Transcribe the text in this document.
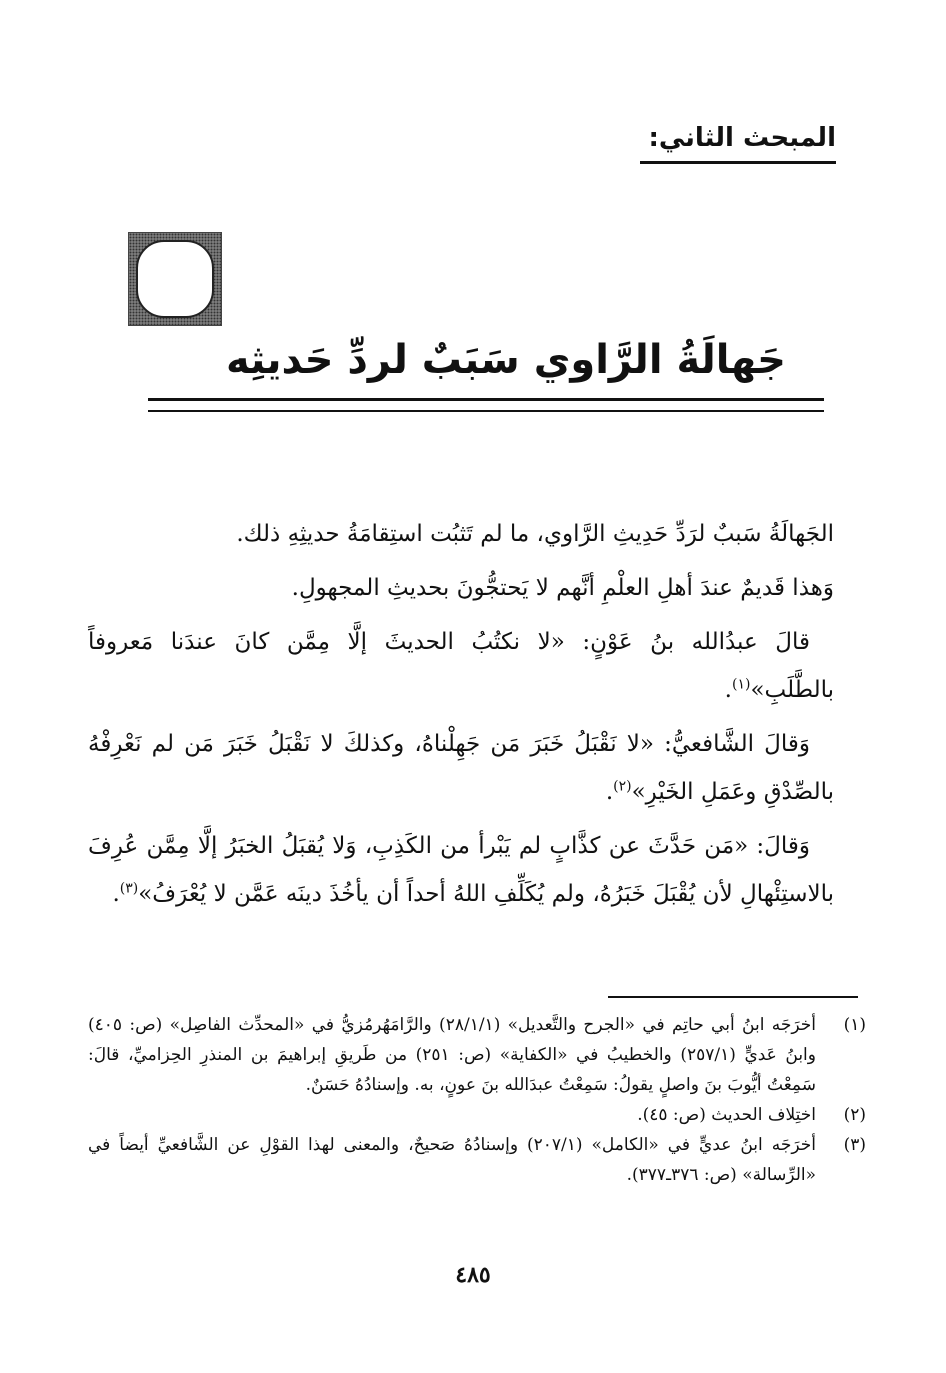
المبحث الثاني:
جَهالَةُ الرَّاوي سَبَبٌ لردِّ حَديثِه

الجَهالَةُ سَببٌ لرَدِّ حَدِيثِ الرَّاوي، ما لم تَثبُت استِقامَةُ حديثِهِ ذلك.

وَهذا قَديمٌ عندَ أهلِ العلْمِ أنَّهم لا يَحتجُّونَ بحديثِ المجهولِ.

قالَ عبدُالله بنُ عَوْنٍ: «لا نكتُبُ الحديثَ إلَّا مِمَّن كانَ عندَنا مَعروفاً بالطَّلَبِ»$^{(١)}$.

وَقالَ الشَّافعيُّ: «لا نَقْبَلُ خَبَرَ مَن جَهِلْناهُ، وكذلكَ لا نَقْبَلُ خَبَرَ مَن لم نَعْرِفْهُ بالصِّدْقِ وعَمَلِ الخَيْرِ»$^{(٢)}$.

وَقالَ: «مَن حَدَّثَ عن كذَّابٍ لم يَبْرأ من الكَذِبِ، وَلا يُقبَلُ الخبَرُ إلَّا مِمَّن عُرِفَ بالاستِئْهالِ لأن يُقْبَلَ خَبَرُهُ، ولم يُكَلِّفِ اللهُ أحداً أن يأخُذَ دينَه عَمَّن لا يُعْرَفُ»$^{(٣)}$.

(١)
أخرَجَه ابنُ أبي حاتِم في «الجرح والتَّعديل» (٢٨/١/١) والرَّامَهُرمُزيُّ في «المحدِّث الفاصِل» (ص: ٤٠٥) وابنُ عَديٍّ (٢٥٧/١) والخطيبُ في «الكفاية» (ص: ٢٥١) من طَريقِ إبراهيمَ بن المنذرِ الحِزاميِّ، قالَ: سَمِعْتُ أيُّوبَ بنَ واصلٍ يقولُ: سَمِعْتُ عبدَالله بنَ عونٍ، به. وإسنادُهُ حَسَنٌ.
(٢)
اختِلاف الحديث (ص: ٤٥).
(٣)
أخرَجَه ابنُ عديٍّ في «الكامل» (٢٠٧/١) وإسنادُهُ صَحيحٌ، والمعنى لهذا القوْلِ عن الشَّافعيِّ أيضاً في «الرِّسالة» (ص: ٣٧٦ـ٣٧٧).
٤٨٥
